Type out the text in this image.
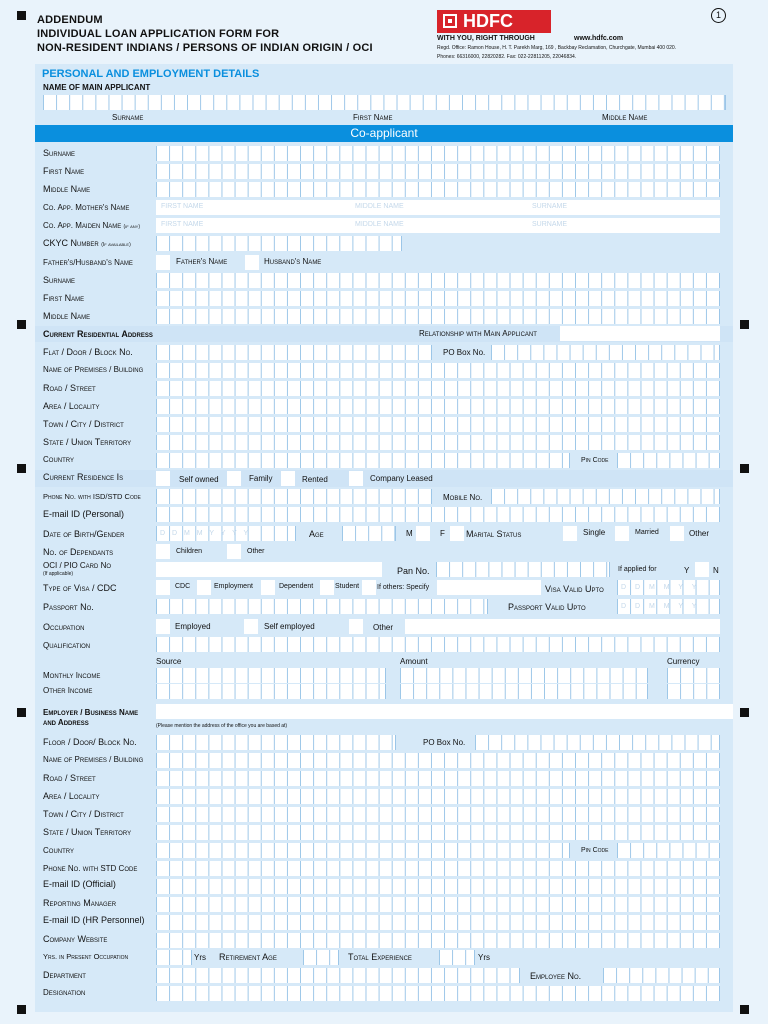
ADDENDUM
INDIVIDUAL LOAN APPLICATION FORM FOR
NON-RESIDENT INDIANS / PERSONS OF INDIAN ORIGIN / OCI
1
HDFC
WITH YOU, RIGHT THROUGH	www.hdfc.com
Regd. Office: Ramon House, H. T. Parekh Marg, 169 , Backbay Reclamation, Churchgate, Mumbai 400 020.
Phones: 66316000, 22820282. Fax: 022-22811205, 22046834.
PERSONAL AND EMPLOYMENT DETAILS
NAME OF MAIN APPLICANT
Surname	First Name	Middle Name
Co-applicant
Surname
First Name
Middle Name
Co. App. Mother's Name	FIRST NAME	MIDDLE NAME	SURNAME
Co. App. Maiden Name (if any)	FIRST NAME	MIDDLE NAME	SURNAME
CKYC Number (If available)
Father's/Husband's Name	Father's Name	Husband's Name
Surname
First Name
Middle Name
Current Residential Address	Relationship with Main Applicant
Flat / Door / Block No.	PO Box No.
Name of Premises / Building
Road / Street
Area / Locality
Town / City / District
State / Union Territory
Country	Pin Code
Current Residence Is	Self owned	Family	Rented	Company Leased
Phone No. with ISD/STD Code	Mobile No.
E-mail ID (Personal)
Date of Birth/Gender	D D M M Y Y Y Y	Age	M	F Marital Status	Single	Married	Other
No. of Dependants	Children	Other
OCI / PIO Card No
(If applicable)	Pan No.	If applied for	Y	N
Type of Visa / CDC	CDC	Employment	Dependent	Student	If others: Specify	Visa Valid Upto D D M M Y Y
Passport No.	Passport Valid Upto	D D M M Y Y
Occupation	Employed	Self employed	Other
Qualification
Source	Amount	Currency
Monthly Income
Other Income
Employer / Business Name
and Address	(Please mention the address of the office you are based at)
Floor / Door/ Block No.	PO Box No.
Name of Premises / Building
Road / Street
Area / Locality
Town / City / District
State / Union Territory
Country	Pin Code
Phone No. with STD Code
E-mail ID (Official)
Reporting Manager
E-mail ID (HR Personnel)
Company Website
Yrs. in Present Occupation	Yrs Retirement Age	Total Experience	Yrs
Department	Employee No.
Designation
